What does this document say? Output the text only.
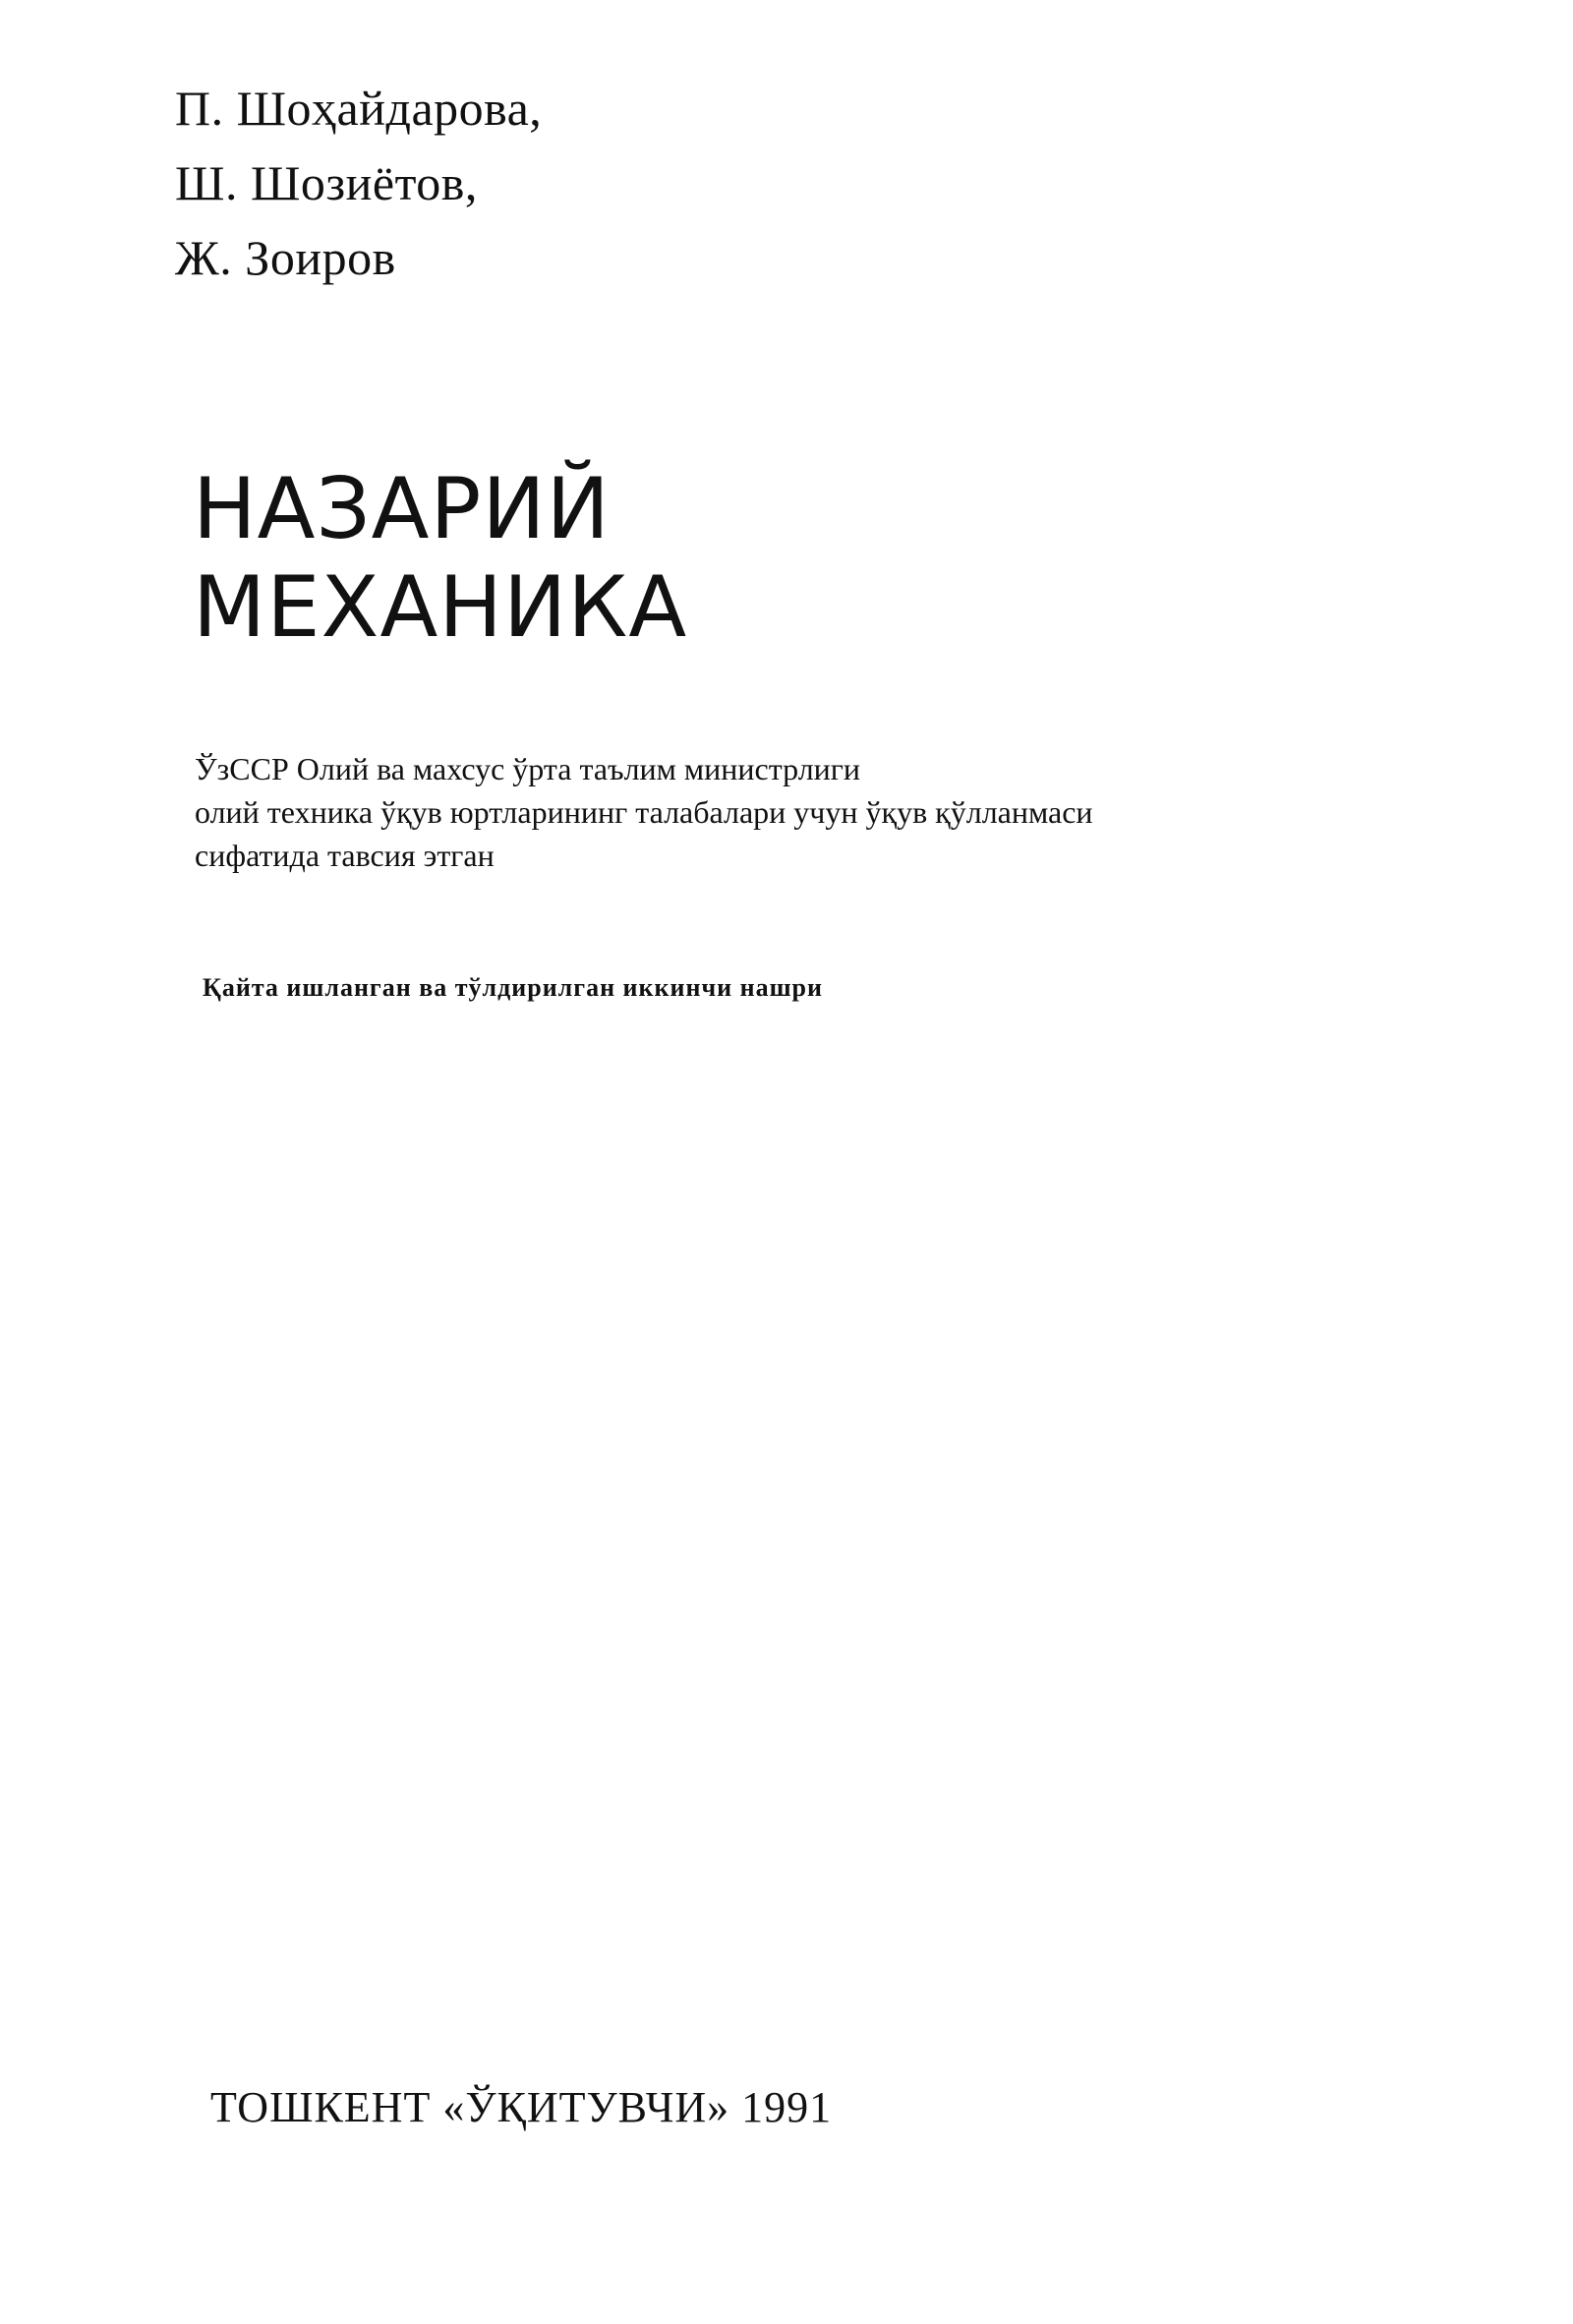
П. Шоҳайдарова,
Ш. Шозиётов,
Ж. Зоиров
НАЗАРИЙ
МЕХАНИКА
ЎзССР Олий ва махсус ўрта таълим министрлиги
олий техника ўқув юртларининг талабалари учун ўқув қўлланмаси
сифатида тавсия этган
Қайта ишланган ва тўлдирилган иккинчи нашри
ТОШКЕНТ «ЎҚИТУВЧИ» 1991
